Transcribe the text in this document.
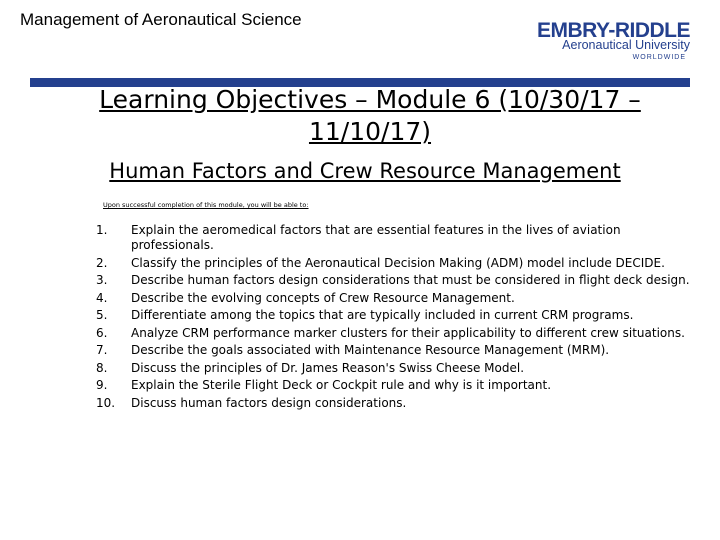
Management of Aeronautical Science	EMBRY-RIDDLE
Aeronautical University
WORLDWIDE
Learning Objectives – Module 6 (10/30/17 – 11/10/17)
Human Factors and Crew Resource Management
Upon successful completion of this module, you will be able to:
1.	Explain the aeromedical factors that are essential features in the lives of aviation professionals.
2.	Classify the principles of the Aeronautical Decision Making (ADM) model include DECIDE.
3.	Describe human factors design considerations that must be considered in flight deck design.
4.	Describe the evolving concepts of Crew Resource Management.
5.	Differentiate among the topics that are typically included in current CRM programs.
6.	Analyze CRM performance marker clusters for their applicability to different crew situations.
7.	Describe the goals associated with Maintenance Resource Management (MRM).
8.	Discuss the principles of Dr. James Reason's Swiss Cheese Model.
9.	Explain the Sterile Flight Deck or Cockpit rule and why is it important.
10.	Discuss human factors design considerations.
